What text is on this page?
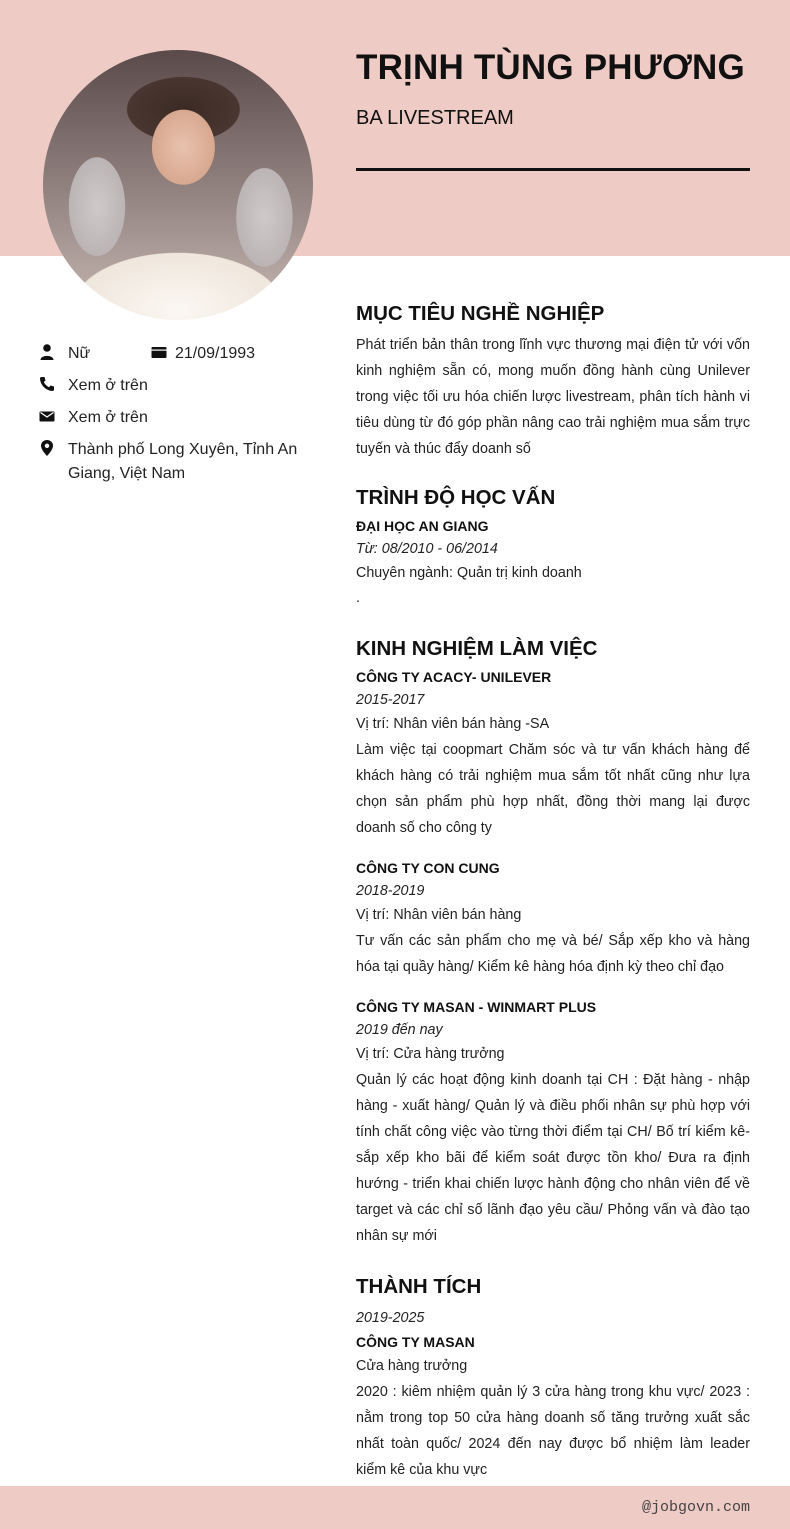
TRỊNH TÙNG PHƯƠNG
BA LIVESTREAM
Nữ	21/09/1993
Xem ở trên
Xem ở trên
Thành phố Long Xuyên, Tỉnh An Giang, Việt Nam
MỤC TIÊU NGHỀ NGHIỆP

Phát triển bản thân trong lĩnh vực thương mại điện tử với vốn kinh nghiệm sẵn có, mong muốn đồng hành cùng Unilever trong việc tối ưu hóa chiến lược livestream, phân tích hành vi tiêu dùng từ đó góp phần nâng cao trải nghiệm mua sắm trực tuyến và thúc đẩy doanh số

TRÌNH ĐỘ HỌC VẤN

ĐẠI HỌC AN GIANG

Từ: 08/2010 - 06/2014

Chuyên ngành: Quản trị kinh doanh

.

KINH NGHIỆM LÀM VIỆC

CÔNG TY ACACY- UNILEVER

2015-2017

Vị trí: Nhân viên bán hàng -SA

Làm việc tại coopmart Chăm sóc và tư vấn khách hàng để khách hàng có trải nghiệm mua sắm tốt nhất cũng như lựa chọn sản phẩm phù hợp nhất, đồng thời mang lại được doanh số cho công ty

CÔNG TY CON CUNG

2018-2019

Vị trí: Nhân viên bán hàng

Tư vấn các sản phẩm cho mẹ và bé/ Sắp xếp kho và hàng hóa tại quầy hàng/ Kiểm kê hàng hóa định kỳ theo chỉ đạo

CÔNG TY MASAN - WINMART PLUS

2019 đến nay

Vị trí: Cửa hàng trưởng

Quản lý các hoạt động kinh doanh tại CH : Đặt hàng - nhập hàng - xuất hàng/ Quản lý và điều phối nhân sự phù hợp với tính chất công việc vào từng thời điểm tại CH/ Bố trí kiểm kê- sắp xếp kho bãi để kiểm soát được tồn kho/ Đưa ra định hướng - triển khai chiến lược hành động cho nhân viên để về target và các chỉ số lãnh đạo yêu cầu/ Phỏng vấn và đào tạo nhân sự mới

THÀNH TÍCH

2019-2025

CÔNG TY MASAN

Cửa hàng trưởng

2020 : kiêm nhiệm quản lý 3 cửa hàng trong khu vực/ 2023 : nằm trong top 50 cửa hàng doanh số tăng trưởng xuất sắc nhất toàn quốc/ 2024 đến nay được bổ nhiệm làm leader kiểm kê của khu vực

@jobgovn.com
